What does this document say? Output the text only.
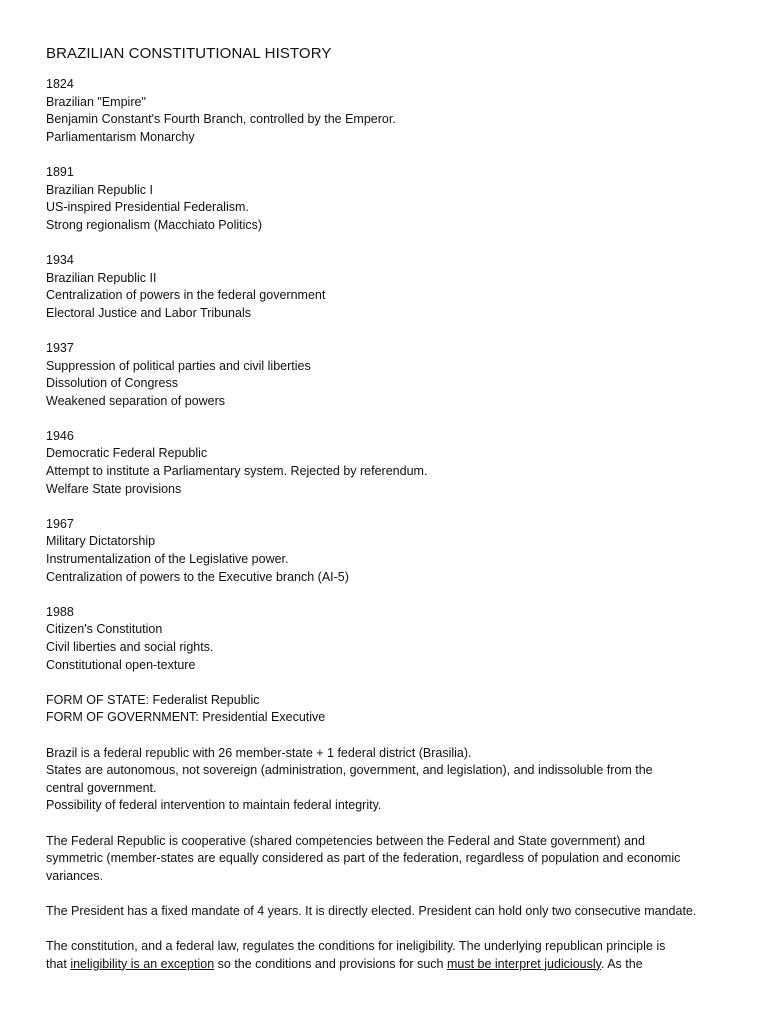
BRAZILIAN CONSTITUTIONAL HISTORY
1824
Brazilian "Empire"
Benjamin Constant's Fourth Branch, controlled by the Emperor.
Parliamentarism Monarchy
1891
Brazilian Republic I
US-inspired Presidential Federalism.
Strong regionalism (Macchiato Politics)
1934
Brazilian Republic II
Centralization of powers in the federal government
Electoral Justice and Labor Tribunals
1937
Suppression of political parties and civil liberties
Dissolution of Congress
Weakened separation of powers
1946
Democratic Federal Republic
Attempt to institute a Parliamentary system. Rejected by referendum.
Welfare State provisions
1967
Military Dictatorship
Instrumentalization of the Legislative power.
Centralization of powers to the Executive branch (AI-5)
1988
Citizen's Constitution
Civil liberties and social rights.
Constitutional open-texture
FORM OF STATE: Federalist Republic
FORM OF GOVERNMENT: Presidential Executive
Brazil is a federal republic with 26 member-state + 1 federal district (Brasilia).
States are autonomous, not sovereign (administration, government, and legislation), and indissoluble from the
central government.
Possibility of federal intervention to maintain federal integrity.
The Federal Republic is cooperative (shared competencies between the Federal and State government) and
symmetric (member-states are equally considered as part of the federation, regardless of population and economic
variances.
The President has a fixed mandate of 4 years. It is directly elected. President can hold only two consecutive mandate.
The constitution, and a federal law, regulates the conditions for ineligibility. The underlying republican principle is
that ineligibility is an exception so the conditions and provisions for such must be interpret judiciously. As the
